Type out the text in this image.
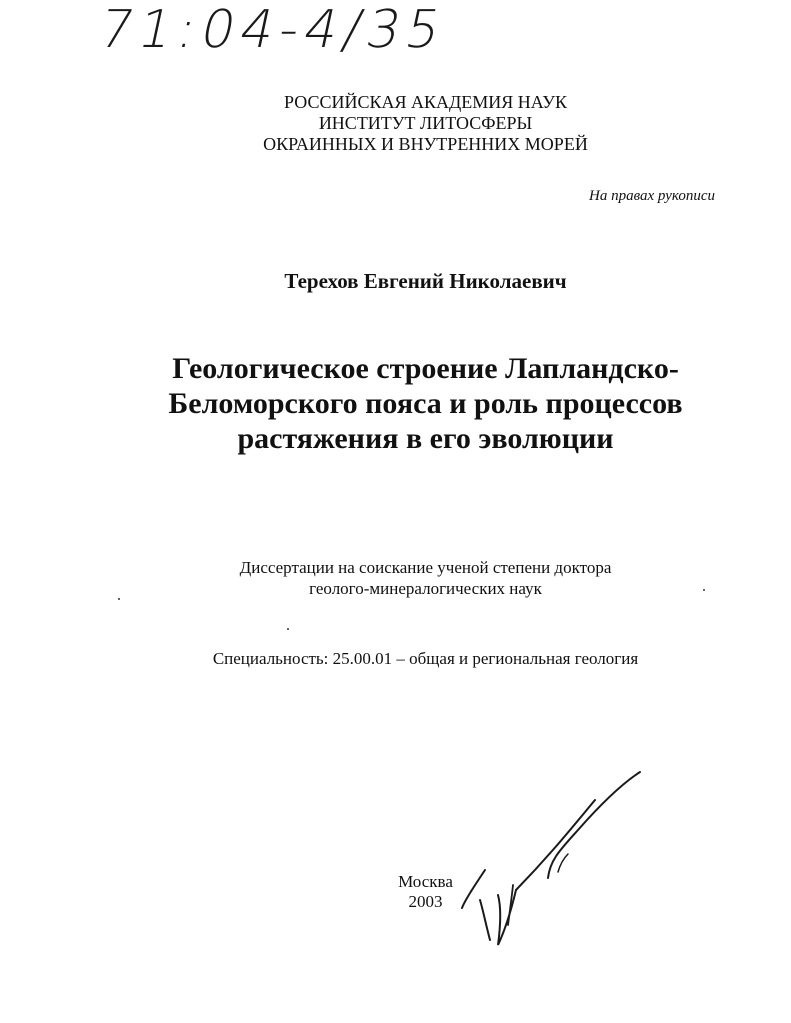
71:04-4/35
РОССИЙСКАЯ АКАДЕМИЯ НАУК
ИНСТИТУТ ЛИТОСФЕРЫ
ОКРАИННЫХ И ВНУТРЕННИХ МОРЕЙ
На правах рукописи
Терехов Евгений Николаевич
Геологическое строение Лапландско-
Беломорского пояса и роль процессов
растяжения в его эволюции
Диссертации на соискание ученой степени доктора
геолого-минералогических наук
Специальность: 25.00.01 – общая и региональная геология
Москва
2003
